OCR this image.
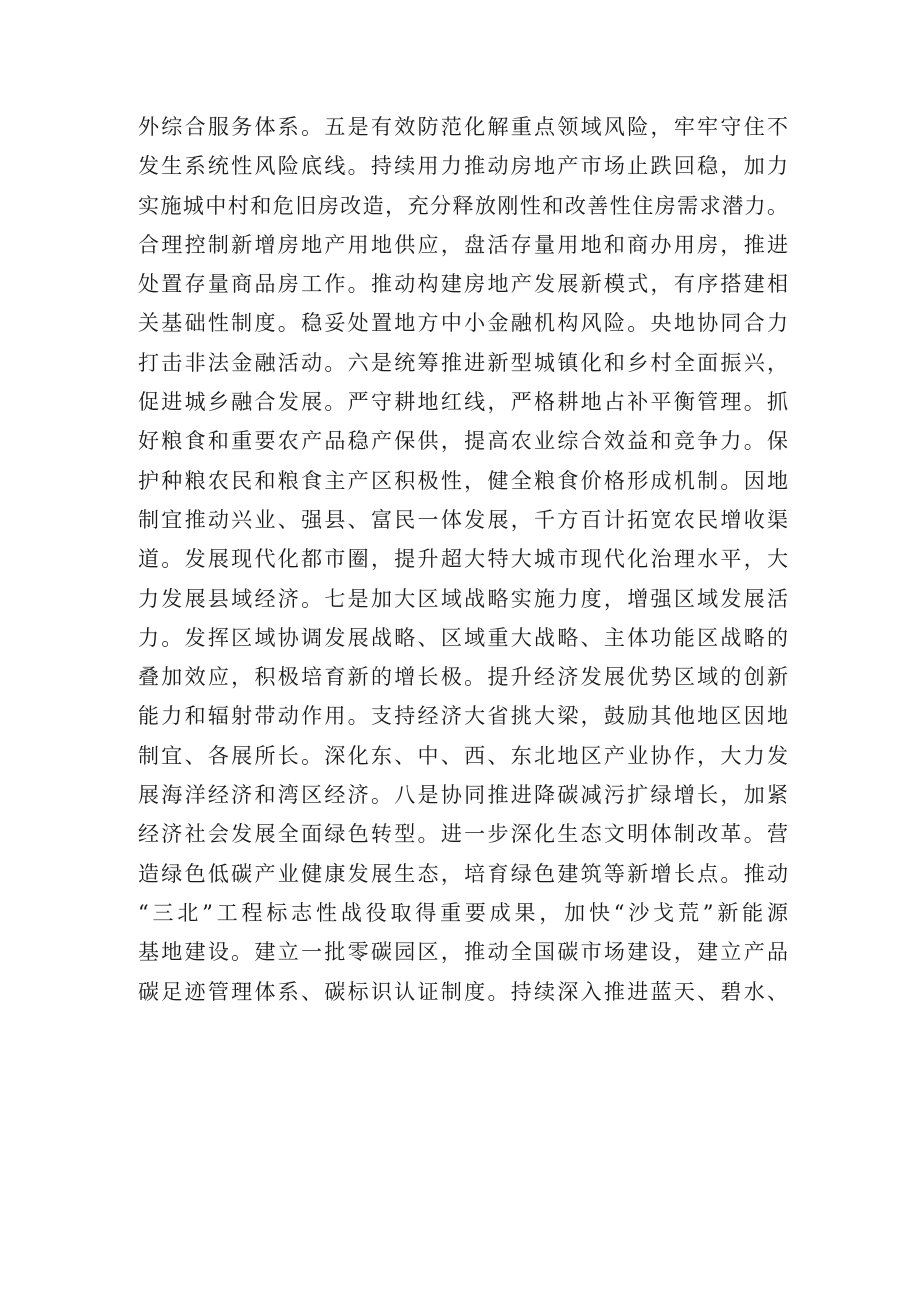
外综合服务体系。五是有效防范化解重点领域风险，牢牢守住不
发生系统性风险底线。持续用力推动房地产市场止跌回稳，加力
实施城中村和危旧房改造，充分释放刚性和改善性住房需求潜力。
合理控制新增房地产用地供应，盘活存量用地和商办用房，推进
处置存量商品房工作。推动构建房地产发展新模式，有序搭建相
关基础性制度。稳妥处置地方中小金融机构风险。央地协同合力
打击非法金融活动。六是统筹推进新型城镇化和乡村全面振兴，
促进城乡融合发展。严守耕地红线，严格耕地占补平衡管理。抓
好粮食和重要农产品稳产保供，提高农业综合效益和竞争力。保
护种粮农民和粮食主产区积极性，健全粮食价格形成机制。因地
制宜推动兴业、强县、富民一体发展，千方百计拓宽农民增收渠
道。发展现代化都市圈，提升超大特大城市现代化治理水平，大
力发展县域经济。七是加大区域战略实施力度，增强区域发展活
力。发挥区域协调发展战略、区域重大战略、主体功能区战略的
叠加效应，积极培育新的增长极。提升经济发展优势区域的创新
能力和辐射带动作用。支持经济大省挑大梁，鼓励其他地区因地
制宜、各展所长。深化东、中、西、东北地区产业协作，大力发
展海洋经济和湾区经济。八是协同推进降碳减污扩绿增长，加紧
经济社会发展全面绿色转型。进一步深化生态文明体制改革。营
造绿色低碳产业健康发展生态，培育绿色建筑等新增长点。推动
“三北”工程标志性战役取得重要成果，加快“沙戈荒”新能源
基地建设。建立一批零碳园区，推动全国碳市场建设，建立产品
碳足迹管理体系、碳标识认证制度。持续深入推进蓝天、碧水、
